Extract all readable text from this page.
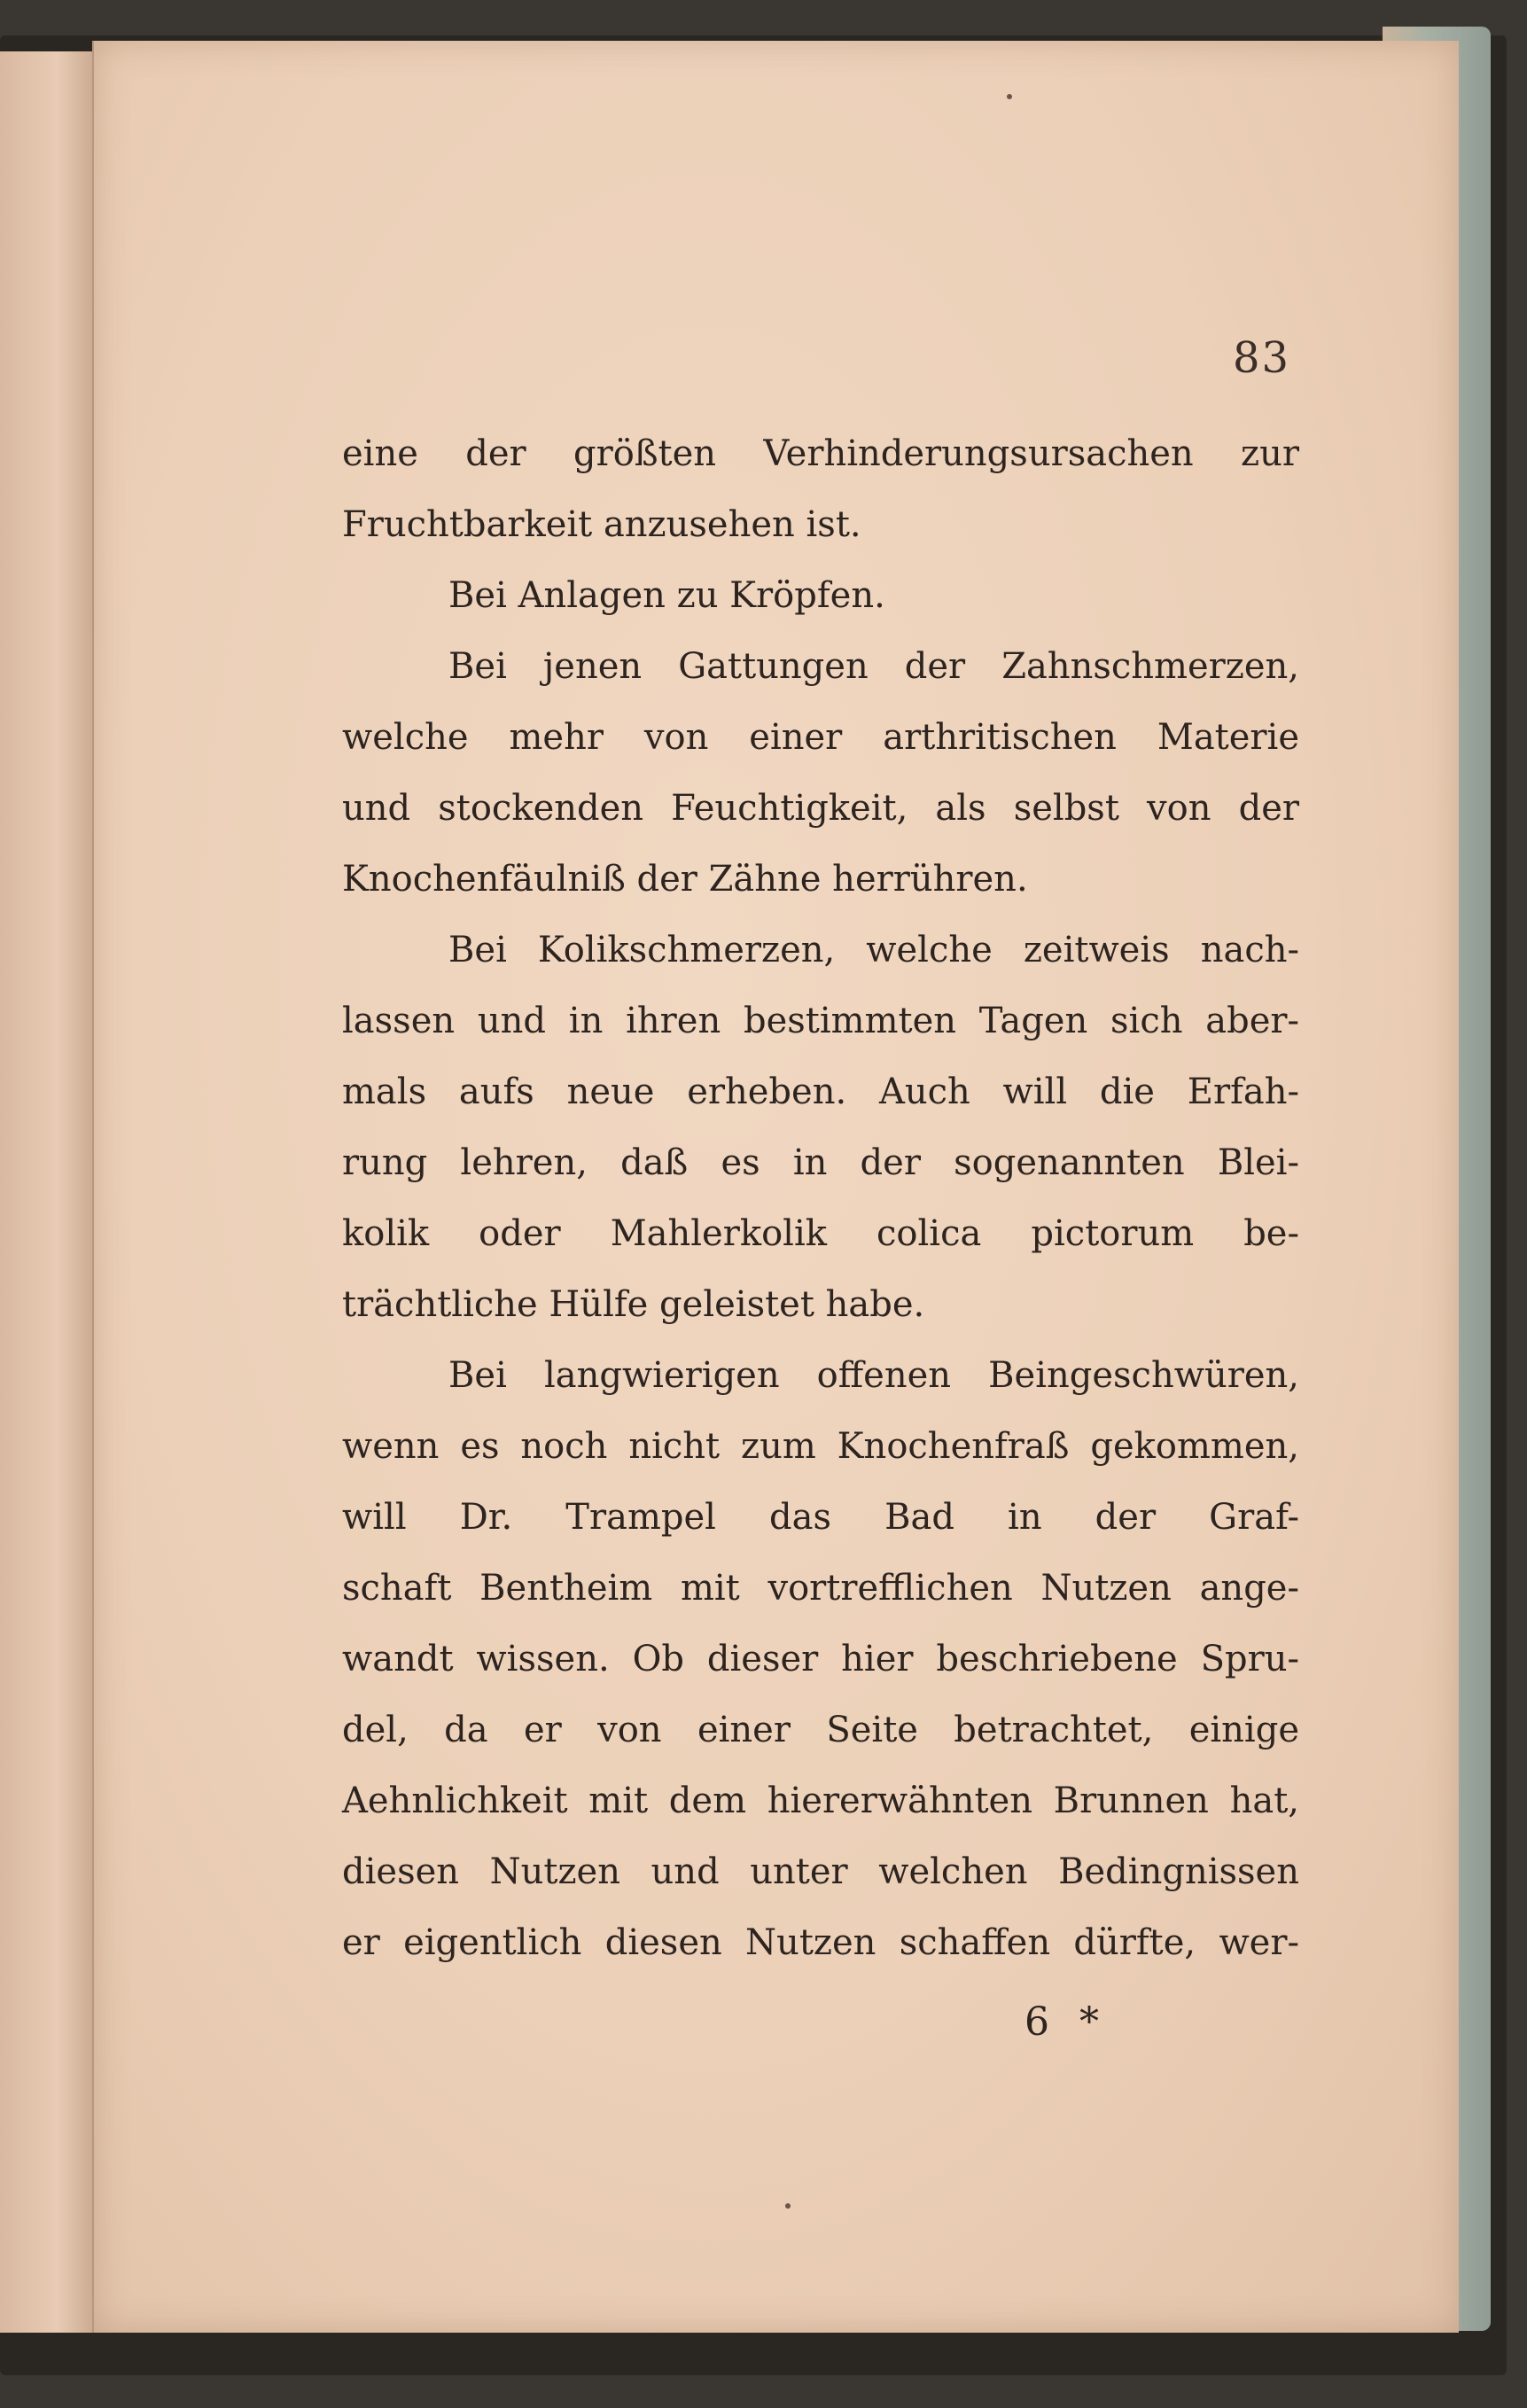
83
eine der größten Verhinderungsursachen zur
Fruchtbarkeit anzusehen ist.
Bei Anlagen zu Kröpfen.
Bei jenen Gattungen der Zahnschmerzen,
welche mehr von einer arthritischen Materie
und stockenden Feuchtigkeit, als selbst von der
Knochenfäulniß der Zähne herrühren.
Bei Kolikschmerzen, welche zeitweis nach-
lassen und in ihren bestimmten Tagen sich aber-
mals aufs neue erheben. Auch will die Erfah-
rung lehren, daß es in der sogenannten Blei-
kolik oder Mahlerkolik colica pictorum be-
trächtliche Hülfe geleistet habe.
Bei langwierigen offenen Beingeschwüren,
wenn es noch nicht zum Knochenfraß gekommen,
will Dr. Trampel das Bad in der Graf-
schaft Bentheim mit vortrefflichen Nutzen ange-
wandt wissen. Ob dieser hier beschriebene Spru-
del, da er von einer Seite betrachtet, einige
Aehnlichkeit mit dem hiererwähnten Brunnen hat,
diesen Nutzen und unter welchen Bedingnissen
er eigentlich diesen Nutzen schaffen dürfte, wer-
6 *
